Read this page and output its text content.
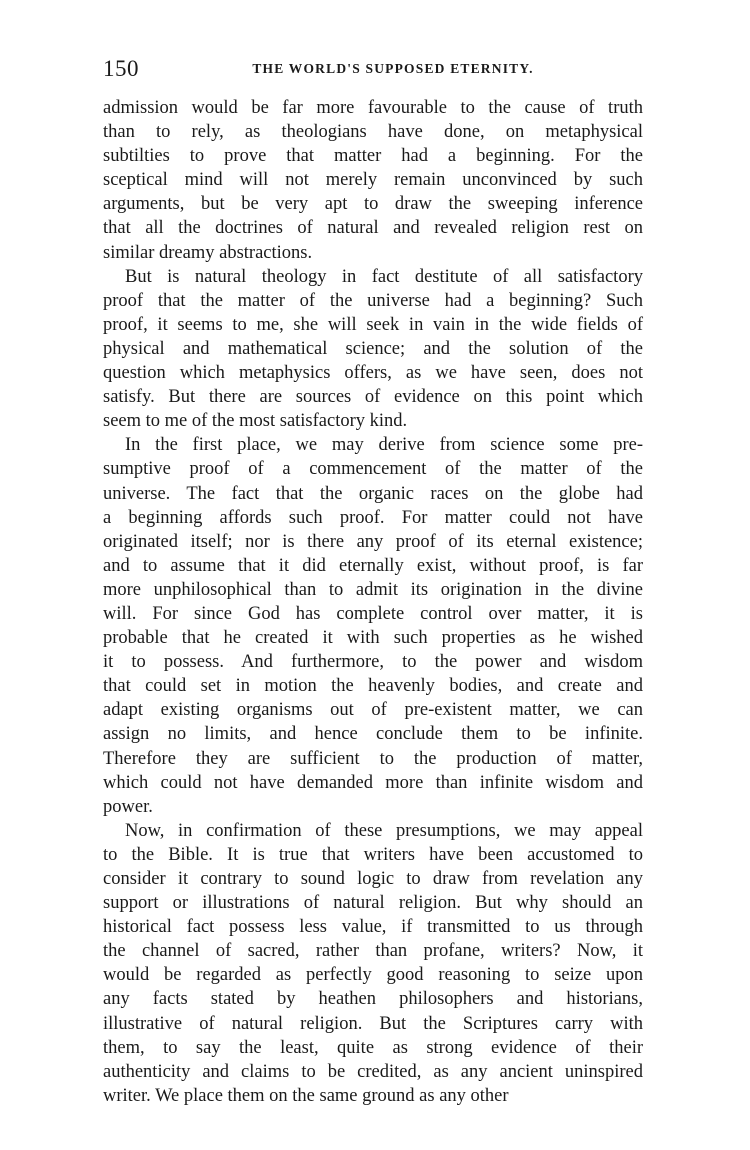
150	THE WORLD'S SUPPOSED ETERNITY.
admission would be far more favourable to the cause of truth
than to rely, as theologians have done, on metaphysical
subtilties to prove that matter had a beginning. For the
sceptical mind will not merely remain unconvinced by such
arguments, but be very apt to draw the sweeping inference
that all the doctrines of natural and revealed religion rest on
similar dreamy abstractions.
But is natural theology in fact destitute of all satisfactory
proof that the matter of the universe had a beginning? Such
proof, it seems to me, she will seek in vain in the wide fields of
physical and mathematical science; and the solution of the
question which metaphysics offers, as we have seen, does not
satisfy. But there are sources of evidence on this point which
seem to me of the most satisfactory kind.
In the first place, we may derive from science some pre-
sumptive proof of a commencement of the matter of the
universe. The fact that the organic races on the globe had
a beginning affords such proof. For matter could not have
originated itself; nor is there any proof of its eternal existence;
and to assume that it did eternally exist, without proof, is far
more unphilosophical than to admit its origination in the divine
will. For since God has complete control over matter, it is
probable that he created it with such properties as he wished
it to possess. And furthermore, to the power and wisdom
that could set in motion the heavenly bodies, and create and
adapt existing organisms out of pre-existent matter, we can
assign no limits, and hence conclude them to be infinite.
Therefore they are sufficient to the production of matter,
which could not have demanded more than infinite wisdom and
power.
Now, in confirmation of these presumptions, we may appeal
to the Bible. It is true that writers have been accustomed to
consider it contrary to sound logic to draw from revelation any
support or illustrations of natural religion. But why should an
historical fact possess less value, if transmitted to us through
the channel of sacred, rather than profane, writers? Now, it
would be regarded as perfectly good reasoning to seize upon
any facts stated by heathen philosophers and historians,
illustrative of natural religion. But the Scriptures carry with
them, to say the least, quite as strong evidence of their
authenticity and claims to be credited, as any ancient uninspired
writer. We place them on the same ground as any other
